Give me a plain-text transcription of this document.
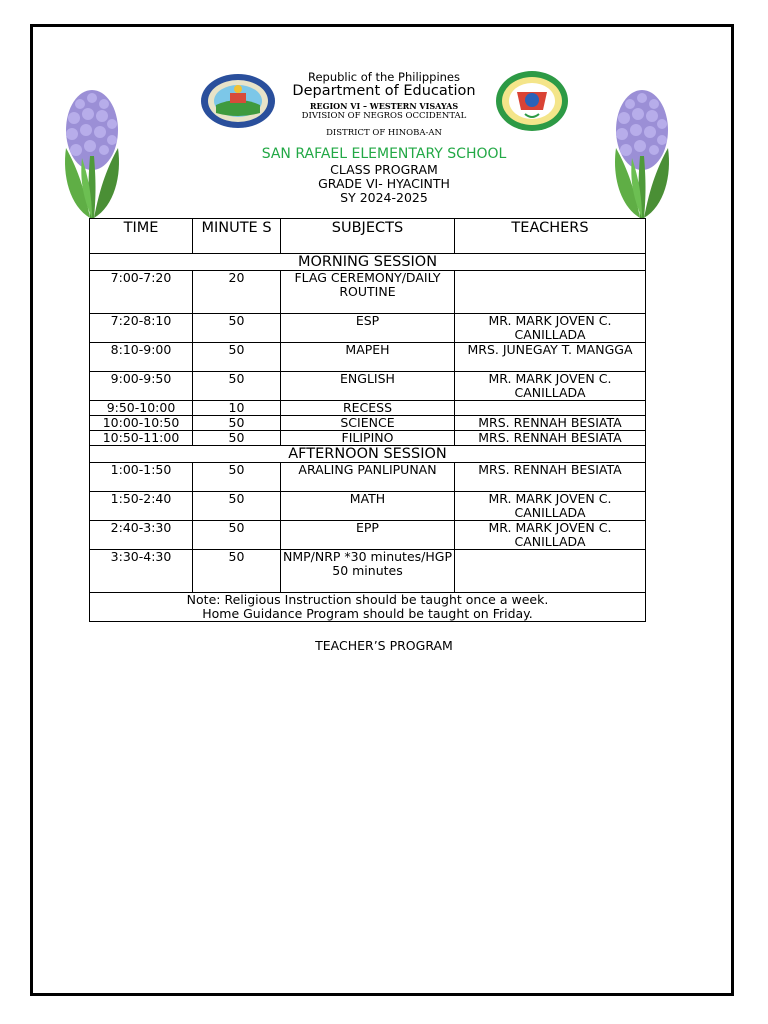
Republic of the Philippines
Department of Education
REGION VI – WESTERN VISAYAS
DIVISION OF NEGROS OCCIDENTAL
DISTRICT OF HINOBA-AN
SAN RAFAEL ELEMENTARY SCHOOL
CLASS PROGRAM
GRADE VI- HYACINTH
SY 2024-2025
TIME	MINUTE S	SUBJECTS	TEACHERS
MORNING SESSION			
7:00-7:20	20	FLAG CEREMONY/DAILY ROUTINE	
7:20-8:10	50	ESP	MR. MARK JOVEN C. CANILLADA
8:10-9:00	50	MAPEH	MRS. JUNEGAY T. MANGGA
9:00-9:50	50	ENGLISH	MR. MARK JOVEN C. CANILLADA
9:50-10:00	10	RECESS	
10:00-10:50	50	SCIENCE	MRS. RENNAH BESIATA
10:50-11:00	50	FILIPINO	MRS. RENNAH BESIATA
AFTERNOON SESSION			
1:00-1:50	50	ARALING PANLIPUNAN	MRS. RENNAH BESIATA
1:50-2:40	50	MATH	MR. MARK JOVEN C. CANILLADA
2:40-3:30	50	EPP	MR. MARK JOVEN C. CANILLADA
3:30-4:30	50	NMP/NRP *30 minutes/HGP 50 minutes	

Note: Religious Instruction should be taught once a week.
Home Guidance Program should be taught on Friday.			
TEACHER’S PROGRAM
